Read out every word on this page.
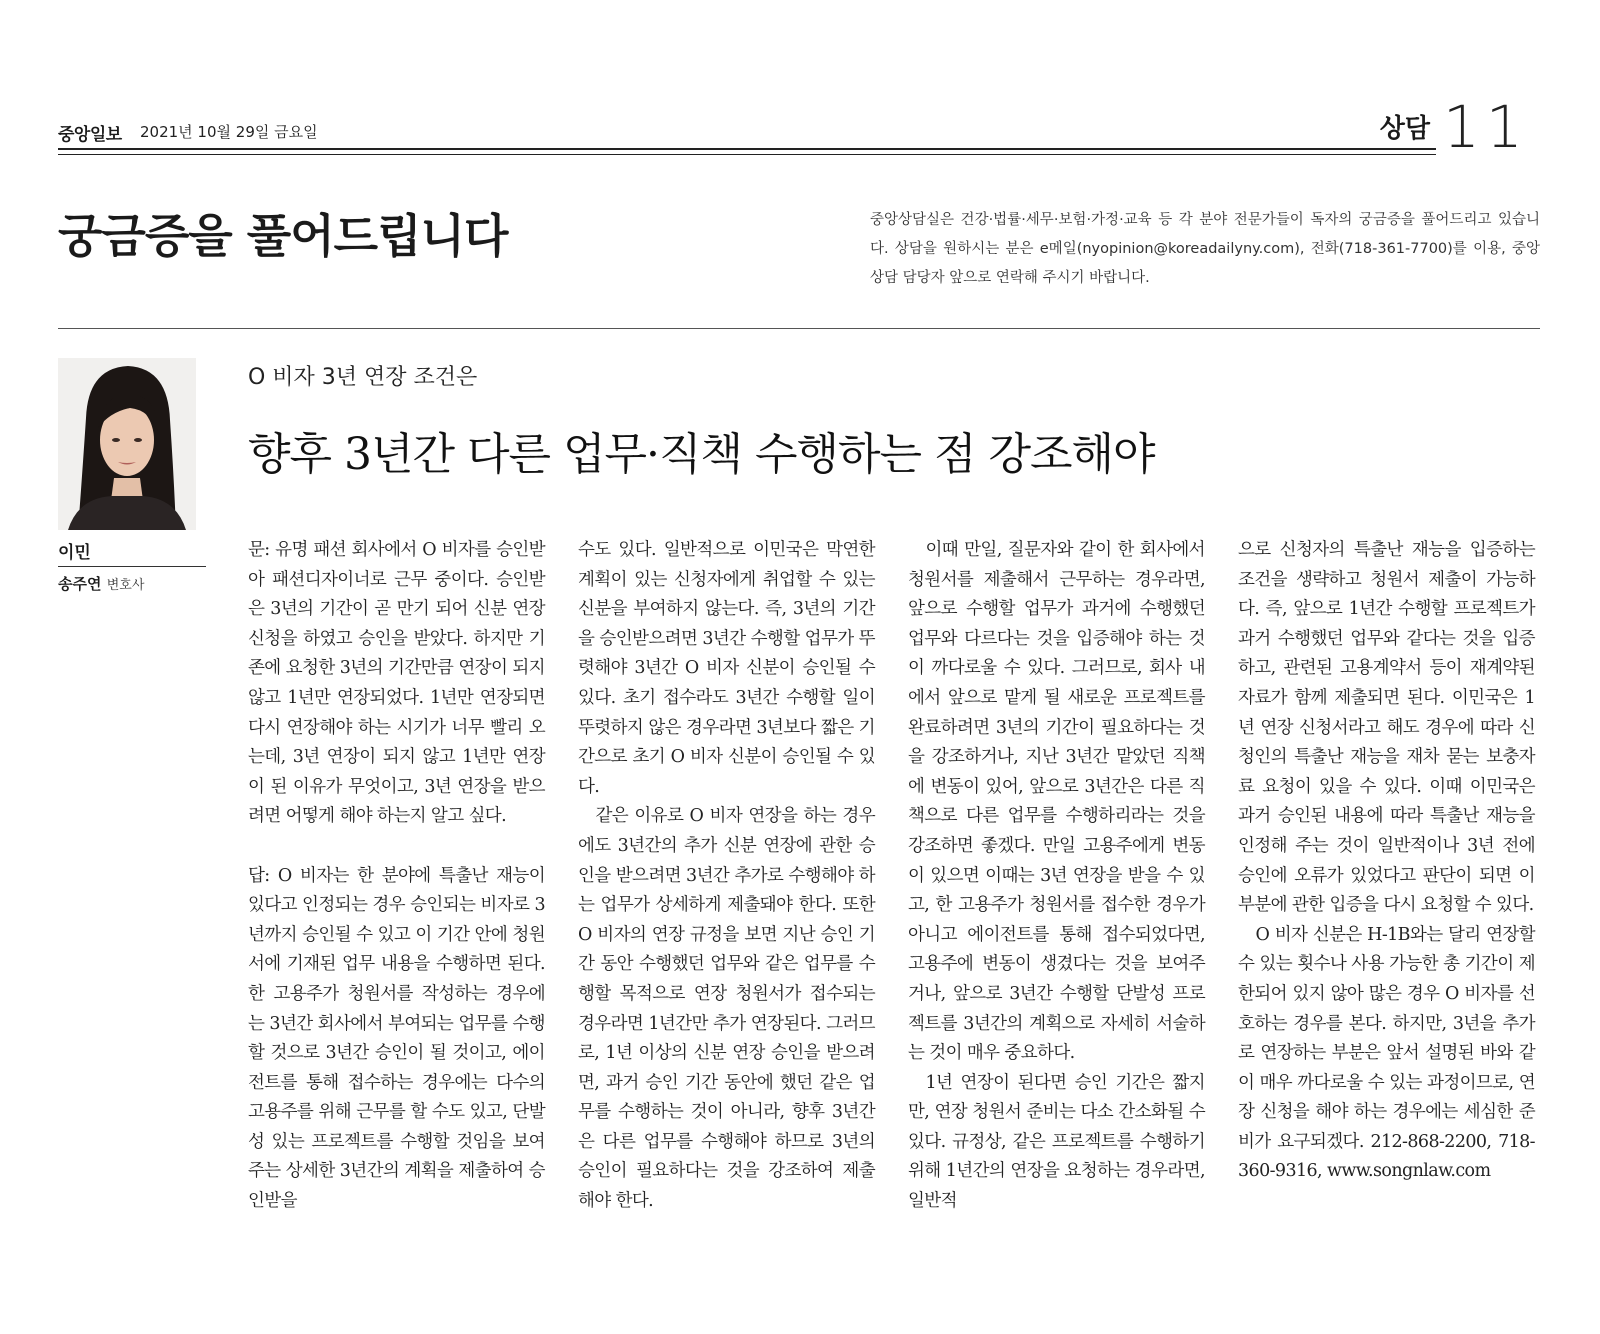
중앙일보 2021년 10월 29일 금요일	상담 11
궁금증을 풀어드립니다	중앙상담실은 건강·법률·세무·보험·가정·교육 등 각 분야 전문가들이 독자의 궁금증을 풀어드리고 있습니다. 상담을 원하시는 분은 e메일(nyopinion@koreadailyny.com), 전화(718-361-7700)를 이용, 중앙상담 담당자 앞으로 연락해 주시기 바랍니다.
이민
송주연 변호사
O 비자 3년 연장 조건은
향후 3년간 다른 업무·직책 수행하는 점 강조해야

문: 유명 패션 회사에서 O 비자를 승인받아 패션디자이너로 근무 중이다. 승인받은 3년의 기간이 곧 만기 되어 신분 연장 신청을 하였고 승인을 받았다. 하지만 기존에 요청한 3년의 기간만큼 연장이 되지 않고 1년만 연장되었다. 1년만 연장되면 다시 연장해야 하는 시기가 너무 빨리 오는데, 3년 연장이 되지 않고 1년만 연장이 된 이유가 무엇이고, 3년 연장을 받으려면 어떻게 해야 하는지 알고 싶다.

답: O 비자는 한 분야에 특출난 재능이 있다고 인정되는 경우 승인되는 비자로 3년까지 승인될 수 있고 이 기간 안에 청원서에 기재된 업무 내용을 수행하면 된다. 한 고용주가 청원서를 작성하는 경우에는 3년간 회사에서 부여되는 업무를 수행할 것으로 3년간 승인이 될 것이고, 에이전트를 통해 접수하는 경우에는 다수의 고용주를 위해 근무를 할 수도 있고, 단발성 있는 프로젝트를 수행할 것임을 보여주는 상세한 3년간의 계획을 제출하여 승인받을

수도 있다. 일반적으로 이민국은 막연한 계획이 있는 신청자에게 취업할 수 있는 신분을 부여하지 않는다. 즉, 3년의 기간을 승인받으려면 3년간 수행할 업무가 뚜렷해야 3년간 O 비자 신분이 승인될 수 있다. 초기 접수라도 3년간 수행할 일이 뚜렷하지 않은 경우라면 3년보다 짧은 기간으로 초기 O 비자 신분이 승인될 수 있다.

같은 이유로 O 비자 연장을 하는 경우에도 3년간의 추가 신분 연장에 관한 승인을 받으려면 3년간 추가로 수행해야 하는 업무가 상세하게 제출돼야 한다. 또한 O 비자의 연장 규정을 보면 지난 승인 기간 동안 수행했던 업무와 같은 업무를 수행할 목적으로 연장 청원서가 접수되는 경우라면 1년간만 추가 연장된다. 그러므로, 1년 이상의 신분 연장 승인을 받으려면, 과거 승인 기간 동안에 했던 같은 업무를 수행하는 것이 아니라, 향후 3년간은 다른 업무를 수행해야 하므로 3년의 승인이 필요하다는 것을 강조하여 제출해야 한다.

이때 만일, 질문자와 같이 한 회사에서 청원서를 제출해서 근무하는 경우라면, 앞으로 수행할 업무가 과거에 수행했던 업무와 다르다는 것을 입증해야 하는 것이 까다로울 수 있다. 그러므로, 회사 내에서 앞으로 맡게 될 새로운 프로젝트를 완료하려면 3년의 기간이 필요하다는 것을 강조하거나, 지난 3년간 맡았던 직책에 변동이 있어, 앞으로 3년간은 다른 직책으로 다른 업무를 수행하리라는 것을 강조하면 좋겠다. 만일 고용주에게 변동이 있으면 이때는 3년 연장을 받을 수 있고, 한 고용주가 청원서를 접수한 경우가 아니고 에이전트를 통해 접수되었다면, 고용주에 변동이 생겼다는 것을 보여주거나, 앞으로 3년간 수행할 단발성 프로젝트를 3년간의 계획으로 자세히 서술하는 것이 매우 중요하다.

1년 연장이 된다면 승인 기간은 짧지만, 연장 청원서 준비는 다소 간소화될 수 있다. 규정상, 같은 프로젝트를 수행하기 위해 1년간의 연장을 요청하는 경우라면, 일반적

으로 신청자의 특출난 재능을 입증하는 조건을 생략하고 청원서 제출이 가능하다. 즉, 앞으로 1년간 수행할 프로젝트가 과거 수행했던 업무와 같다는 것을 입증하고, 관련된 고용계약서 등이 재계약된 자료가 함께 제출되면 된다. 이민국은 1년 연장 신청서라고 해도 경우에 따라 신청인의 특출난 재능을 재차 묻는 보충자료 요청이 있을 수 있다. 이때 이민국은 과거 승인된 내용에 따라 특출난 재능을 인정해 주는 것이 일반적이나 3년 전에 승인에 오류가 있었다고 판단이 되면 이 부분에 관한 입증을 다시 요청할 수 있다.

O 비자 신분은 H-1B와는 달리 연장할 수 있는 횟수나 사용 가능한 총 기간이 제한되어 있지 않아 많은 경우 O 비자를 선호하는 경우를 본다. 하지만, 3년을 추가로 연장하는 부분은 앞서 설명된 바와 같이 매우 까다로울 수 있는 과정이므로, 연장 신청을 해야 하는 경우에는 세심한 준비가 요구되겠다. 212-868-2200, 718-360-9316, www.songnlaw.com
